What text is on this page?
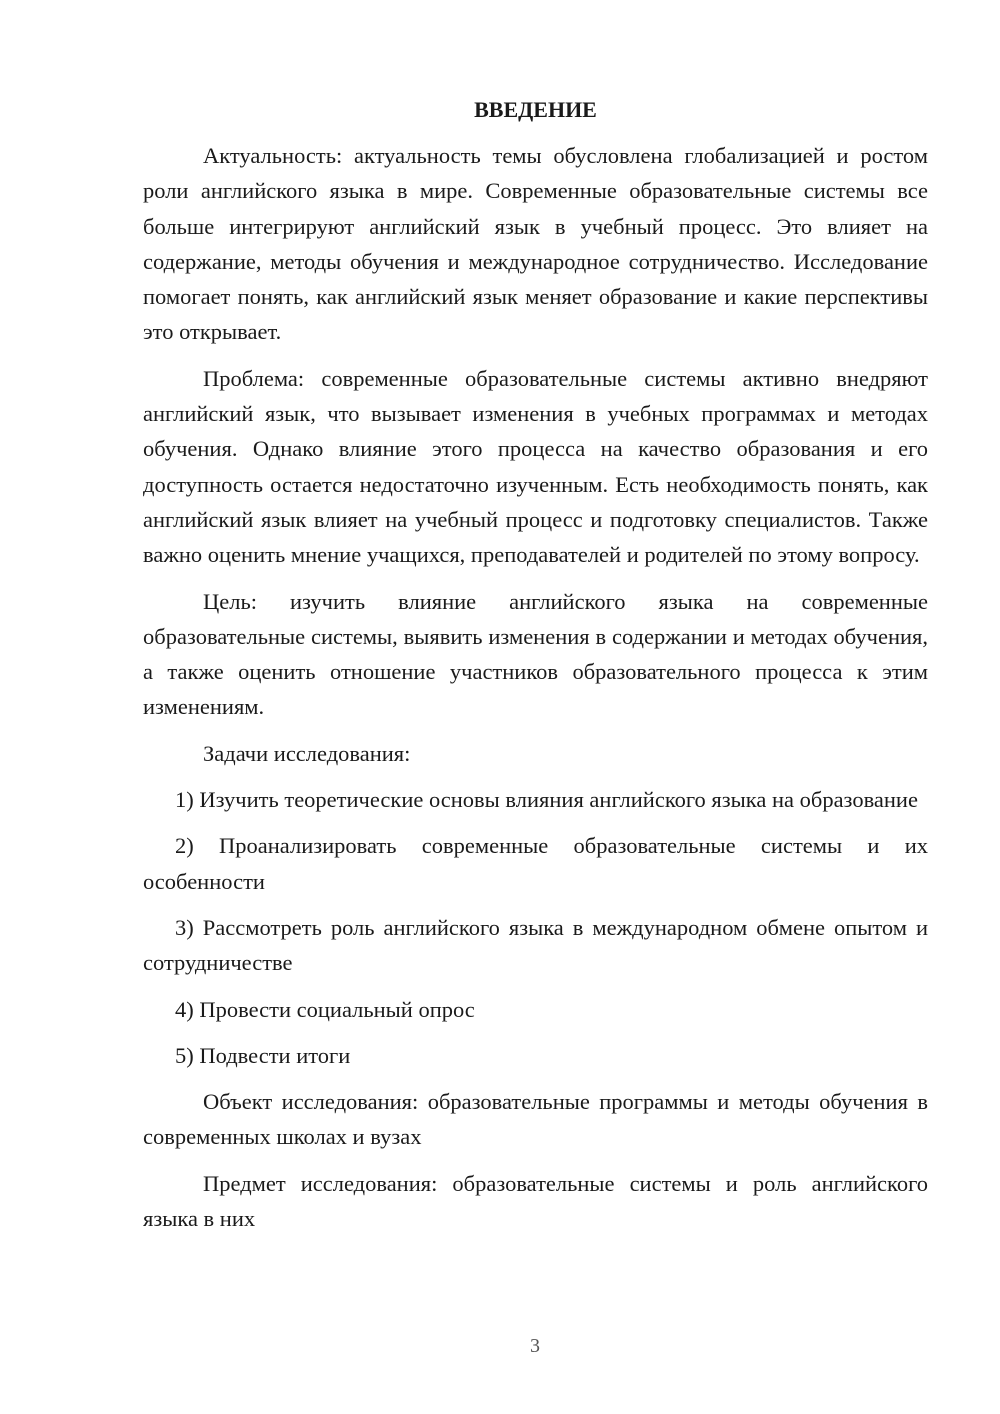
ВВЕДЕНИЕ

Актуальность: актуальность темы обусловлена глобализацией и ростом роли английского языка в мире. Современные образовательные системы все больше интегрируют английский язык в учебный процесс. Это влияет на содержание, методы обучения и международное сотрудничество. Исследование помогает понять, как английский язык меняет образование и какие перспективы это открывает.

Проблема: современные образовательные системы активно внедряют английский язык, что вызывает изменения в учебных программах и методах обучения. Однако влияние этого процесса на качество образования и его доступность остается недостаточно изученным. Есть необходимость понять, как английский язык влияет на учебный процесс и подготовку специалистов. Также важно оценить мнение учащихся, преподавателей и родителей по этому вопросу.

Цель: изучить влияние английского языка на современные образовательные системы, выявить изменения в содержании и методах обучения, а также оценить отношение участников образовательного процесса к этим изменениям.

Задачи исследования:

1) Изучить теоретические основы влияния английского языка на образование

2) Проанализировать современные образовательные системы и их особенности

3) Рассмотреть роль английского языка в международном обмене опытом и сотрудничестве

4) Провести социальный опрос

5) Подвести итоги

Объект исследования: образовательные программы и методы обучения в современных школах и вузах

Предмет исследования: образовательные системы и роль английского языка в них

3
